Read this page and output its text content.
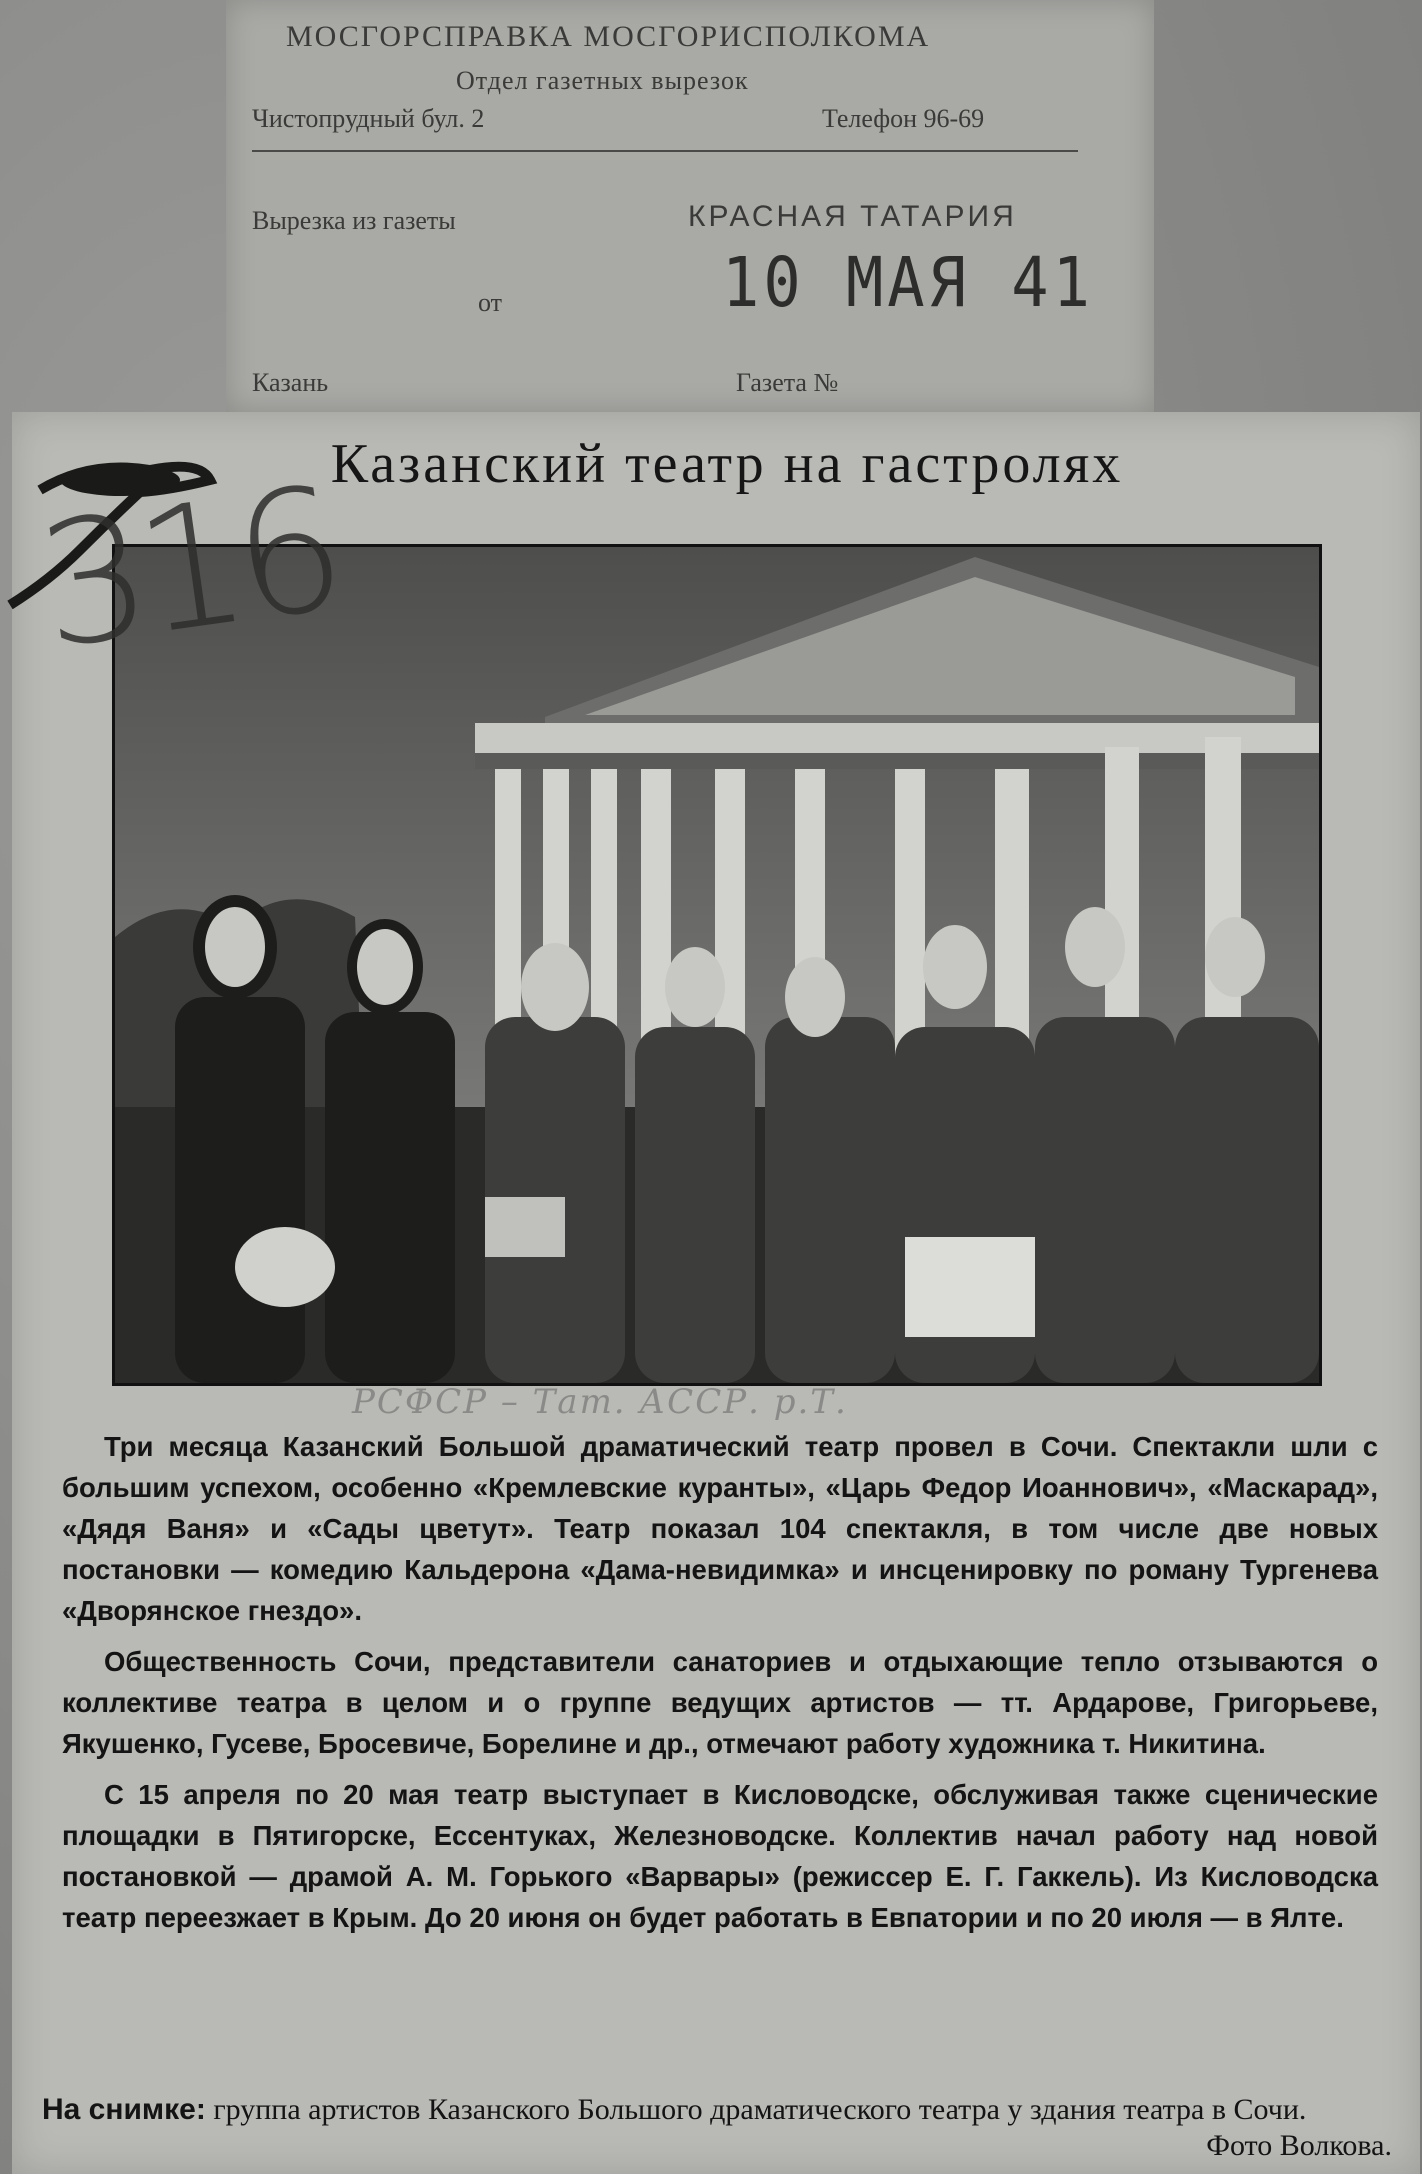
МОСГОРСПРАВКА МОСГОРИСПОЛКОМА
Отдел газетных вырезок
Чистопрудный бул. 2	Телефон 96-69
Вырезка из газеты	КРАСНАЯ ТАТАРИЯ
10 МАЯ 41
от
Казань	Газета №
Казанский театр на гастролях
РСФСР – Тат. АССР. р.Т.

Три месяца Казанский Большой драматический театр провел в Сочи. Спектакли шли с большим успехом, особенно «Кремлевские куранты», «Царь Федор Иоаннович», «Маскарад», «Дядя Ваня» и «Сады цветут». Театр показал 104 спектакля, в том числе две новых постановки — комедию Кальдерона «Дама-невидимка» и инсценировку по роману Тургенева «Дворянское гнездо».

Общественность Сочи, представители санаториев и отдыхающие тепло отзываются о коллективе театра в целом и о группе ведущих артистов — тт. Ардарове, Григорьеве, Якушенко, Гусеве, Бросевиче, Борелине и др., отмечают работу художника т. Никитина.

С 15 апреля по 20 мая театр выступает в Кисловодске, обслуживая также сценические площадки в Пятигорске, Ессентуках, Железноводске. Коллектив начал работу над новой постановкой — драмой А. М. Горького «Варвары» (режиссер Е. Г. Гаккель). Из Кисловодска театр переезжает в Крым. До 20 июня он будет работать в Евпатории и по 20 июля — в Ялте.

На снимке: группа артистов Казанского Большого драматического театра у здания театра в Сочи.
Фото Волкова.
316
